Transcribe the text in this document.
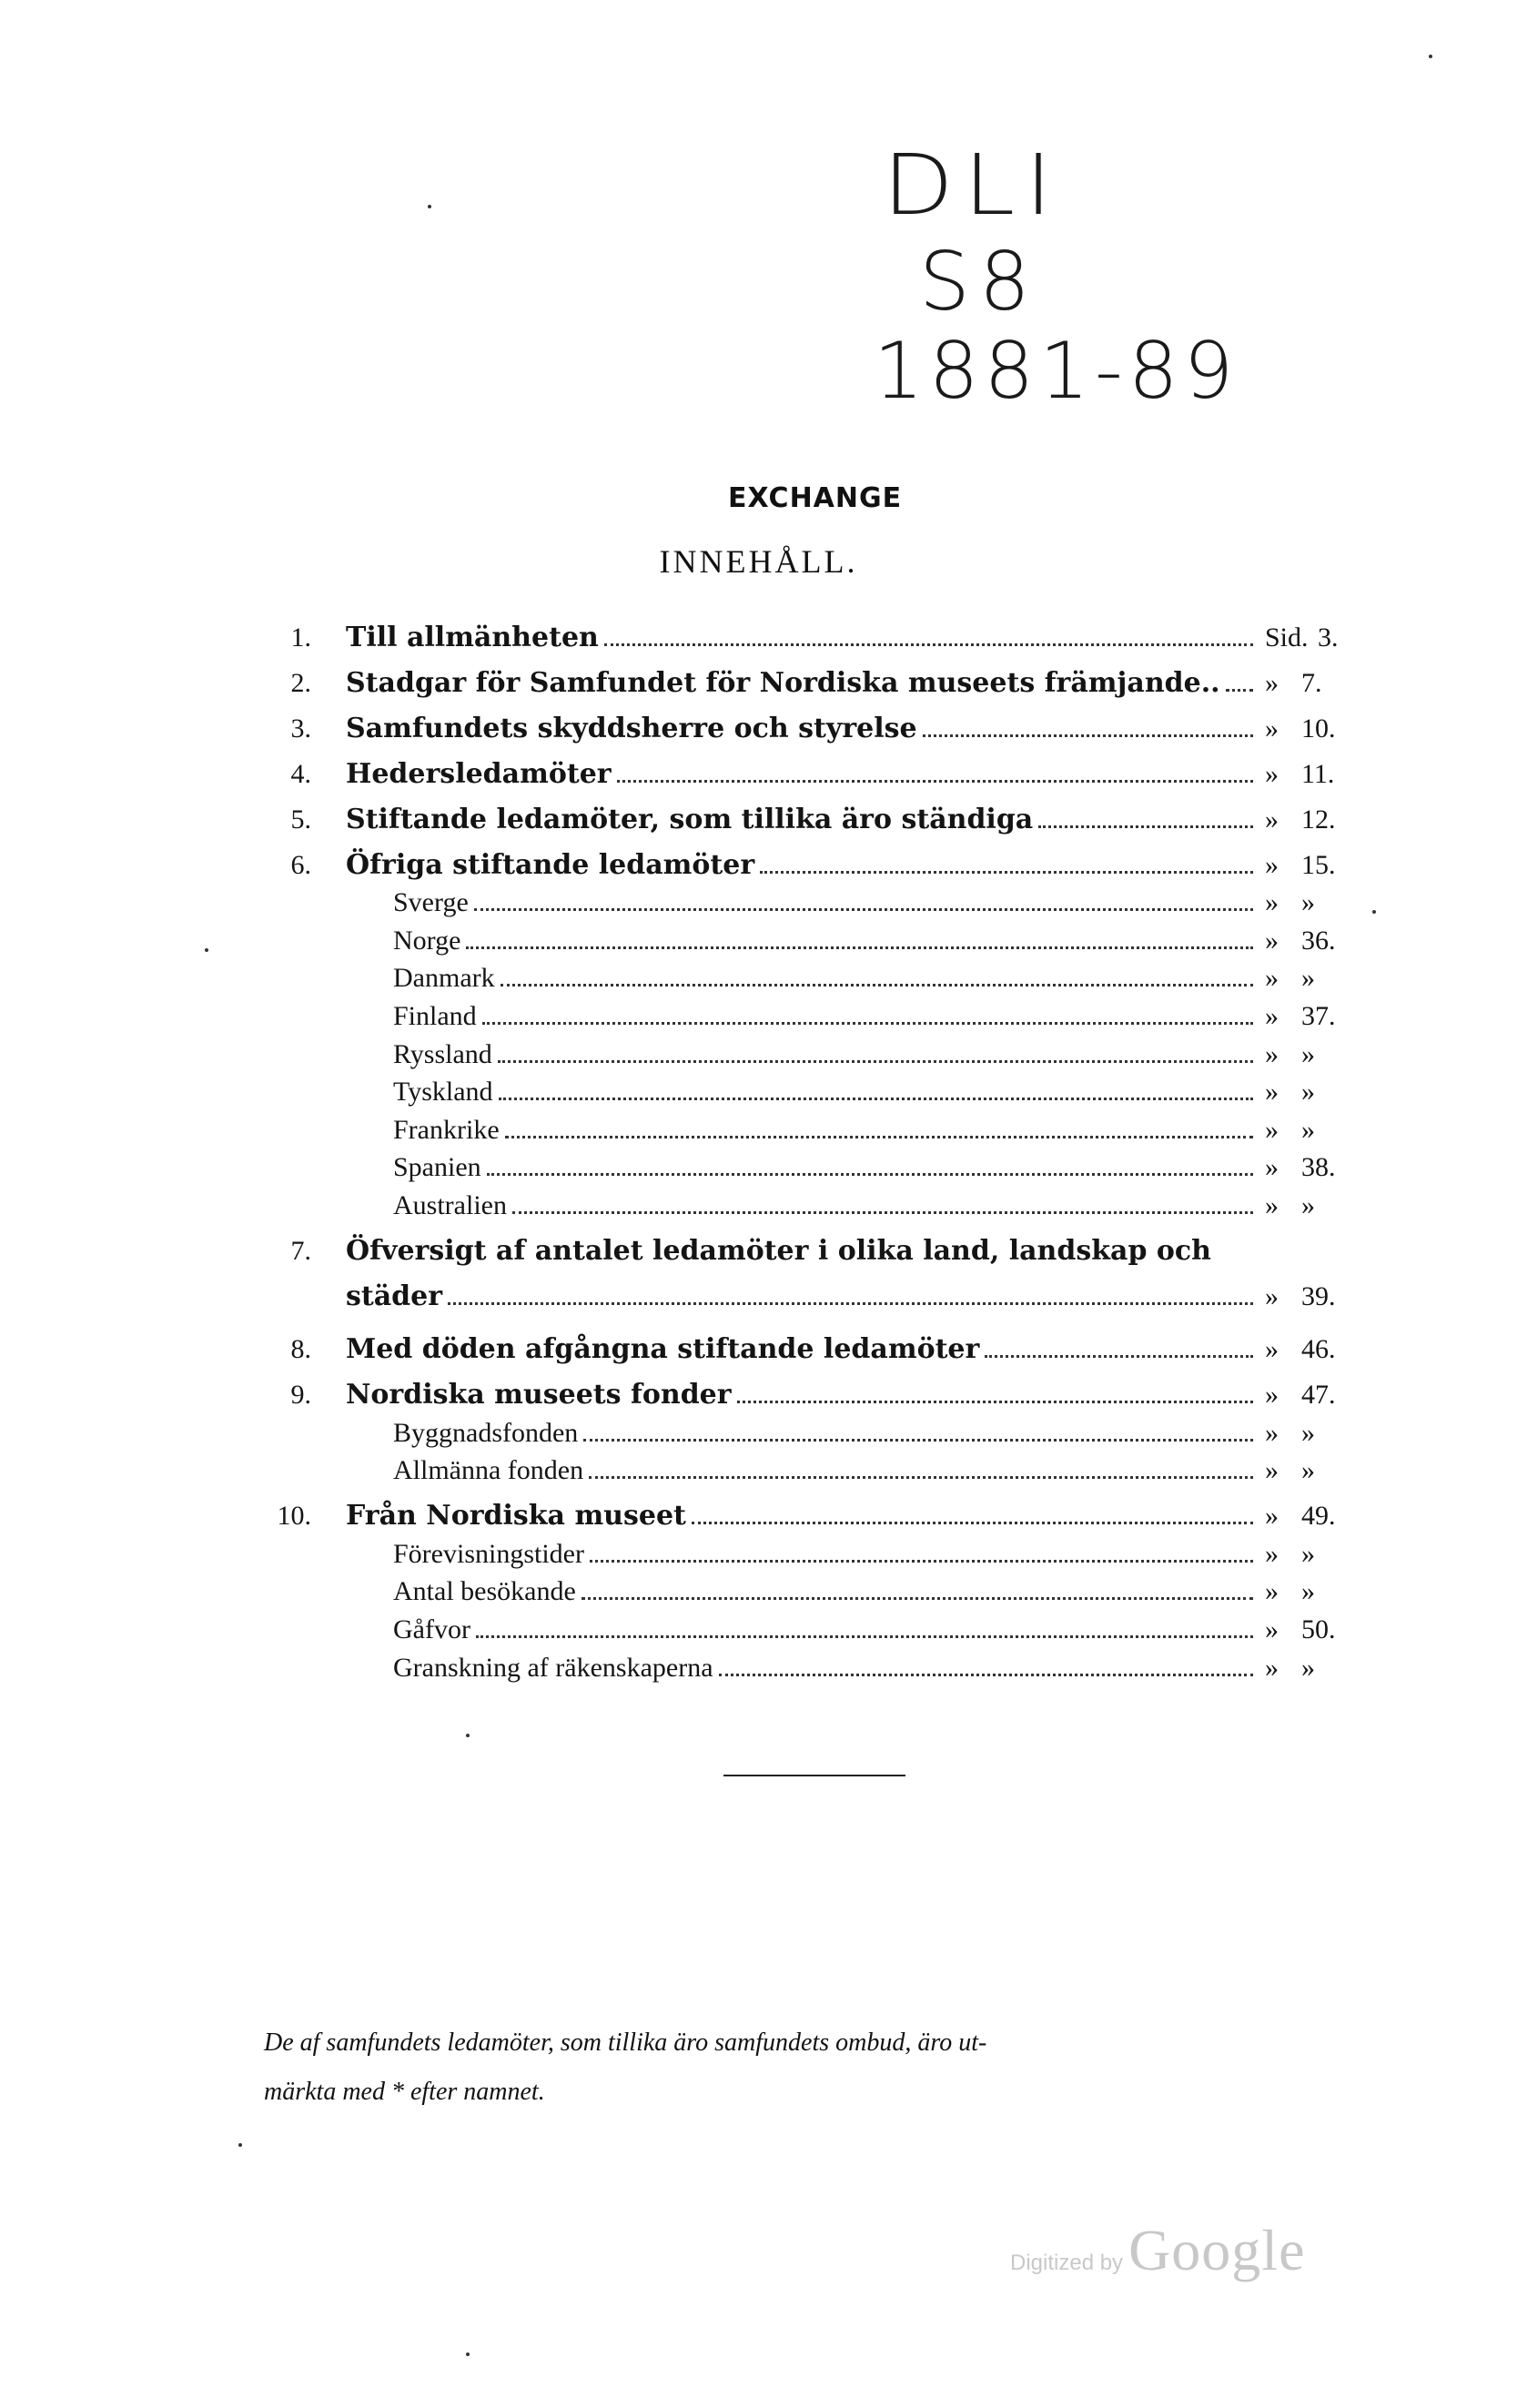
DLI
S8
1881-89
EXCHANGE
INNEHÅLL.
1. Till allmänheten	Sid. 3.
2. Stadgar för Samfundet för Nordiska museets främjande.. » 7.
3. Samfundets skyddsherre och styrelse	» 10.
4. Hedersledamöter	» 11.
5. Stiftande ledamöter, som tillika äro ständiga	» 12.
6. Öfriga stiftande ledamöter	» 15.
Sverge	» »
Norge	» 36.
Danmark	» »
Finland	» 37.
Ryssland	» »
Tyskland	» »
Frankrike	» »
Spanien	» 38.
Australien	» »
7. Öfversigt af antalet ledamöter i olika land, landskap och
städer	» 39.
8. Med döden afgångna stiftande ledamöter	» 46.
9. Nordiska museets fonder	» 47.
Byggnadsfonden	» »
Allmänna fonden	» »
10. Från Nordiska museet	» 49.
Förevisningstider	» »
Antal besökande	» »
Gåfvor	» 50.
Granskning af räkenskaperna	» »

De af samfundets ledamöter, som tillika äro samfundets ombud, äro ut-

märkta med * efter namnet.

Digitized by Google
